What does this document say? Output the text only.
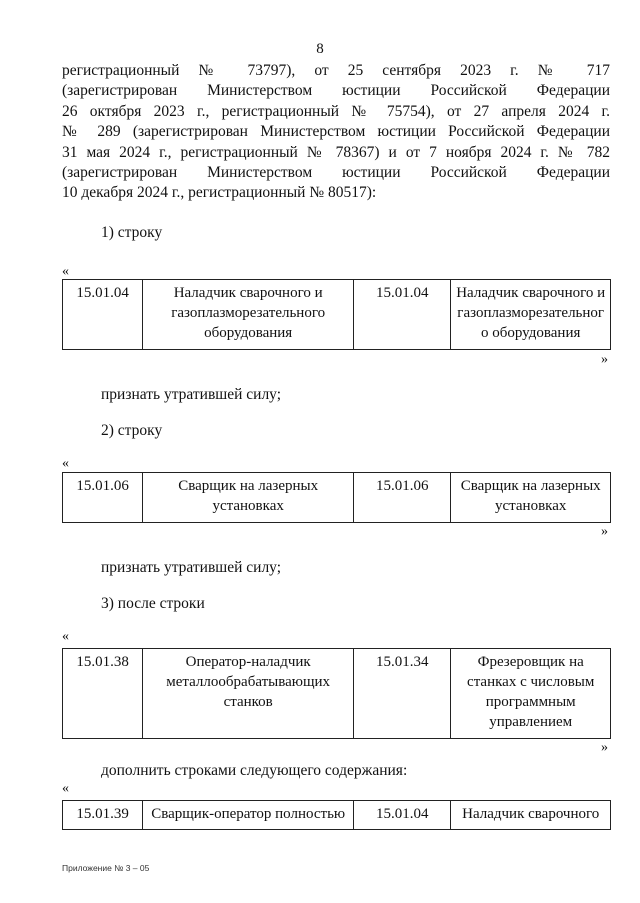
8
регистрационный № 73797), от 25 сентября 2023 г. № 717
(зарегистрирован Министерством юстиции Российской Федерации
26 октября 2023 г., регистрационный № 75754), от 27 апреля 2024 г.
№ 289 (зарегистрирован Министерством юстиции Российской Федерации
31 мая 2024 г., регистрационный № 78367) и от 7 ноября 2024 г. № 782
(зарегистрирован Министерством юстиции Российской Федерации
10 декабря 2024 г., регистрационный № 80517):
1) строку
«
15.01.04	Наладчик сварочного и газоплазморезательного оборудования	15.01.04	Наладчик сварочного и газоплазморезательног о оборудования
»
признать утратившей силу;
2) строку
«
15.01.06	Сварщик на лазерных установках	15.01.06	Сварщик на лазерных установках
»
признать утратившей силу;
3) после строки
«
15.01.38	Оператор-наладчик металлообрабатывающих станков	15.01.34	Фрезеровщик на станках с числовым программным управлением
»
дополнить строками следующего содержания:
«
15.01.39	Сварщик-оператор полностью	15.01.04	Наладчик сварочного
Приложение № 3 – 05
